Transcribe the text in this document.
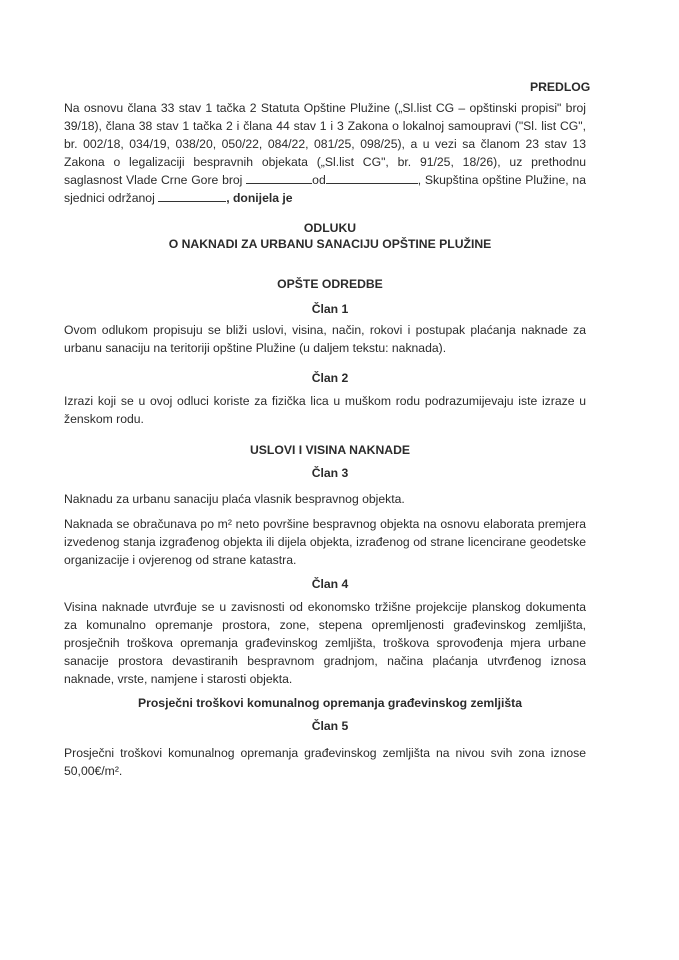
PREDLOG
Na osnovu člana 33 stav 1 tačka 2 Statuta Opštine Plužine („Sl.list CG – opštinski propisi" broj 39/18), člana 38 stav 1 tačka 2 i člana 44 stav 1 i 3 Zakona o lokalnoj samoupravi ("Sl. list CG", br. 002/18, 034/19, 038/20, 050/22, 084/22, 081/25, 098/25), a u vezi sa članom 23 stav 13 Zakona o legalizaciji bespravnih objekata („Sl.list CG", br. 91/25, 18/26), uz prethodnu saglasnost Vlade Crne Gore broj	od	, Skupština opštine Plužine, na sjednici održanoj	, donijela je
ODLUKU
O NAKNADI ZA URBANU SANACIJU OPŠTINE PLUŽINE
OPŠTE ODREDBE
Član 1
Ovom odlukom propisuju se bliži uslovi, visina, način, rokovi i postupak plaćanja naknade za urbanu sanaciju na teritoriji opštine Plužine (u daljem tekstu: naknada).
Član 2
Izrazi koji se u ovoj odluci koriste za fizička lica u muškom rodu podrazumijevaju iste izraze u ženskom rodu.
USLOVI I VISINA NAKNADE
Član 3
Naknadu za urbanu sanaciju plaća vlasnik bespravnog objekta.
Naknada se obračunava po m² neto površine bespravnog objekta na osnovu elaborata premjera izvedenog stanja izgrađenog objekta ili dijela objekta, izrađenog od strane licencirane geodetske organizacije i ovjerenog od strane katastra.
Član 4
Visina naknade utvrđuje se u zavisnosti od ekonomsko tržišne projekcije planskog dokumenta za komunalno opremanje prostora, zone, stepena opremljenosti građevinskog zemljišta, prosječnih troškova opremanja građevinskog zemljišta, troškova sprovođenja mjera urbane sanacije prostora devastiranih bespravnom gradnjom, načina plaćanja utvrđenog iznosa naknade, vrste, namjene i starosti objekta.
Prosječni troškovi komunalnog opremanja građevinskog zemljišta
Član 5
Prosječni troškovi komunalnog opremanja građevinskog zemljišta na nivou svih zona iznose 50,00€/m².
